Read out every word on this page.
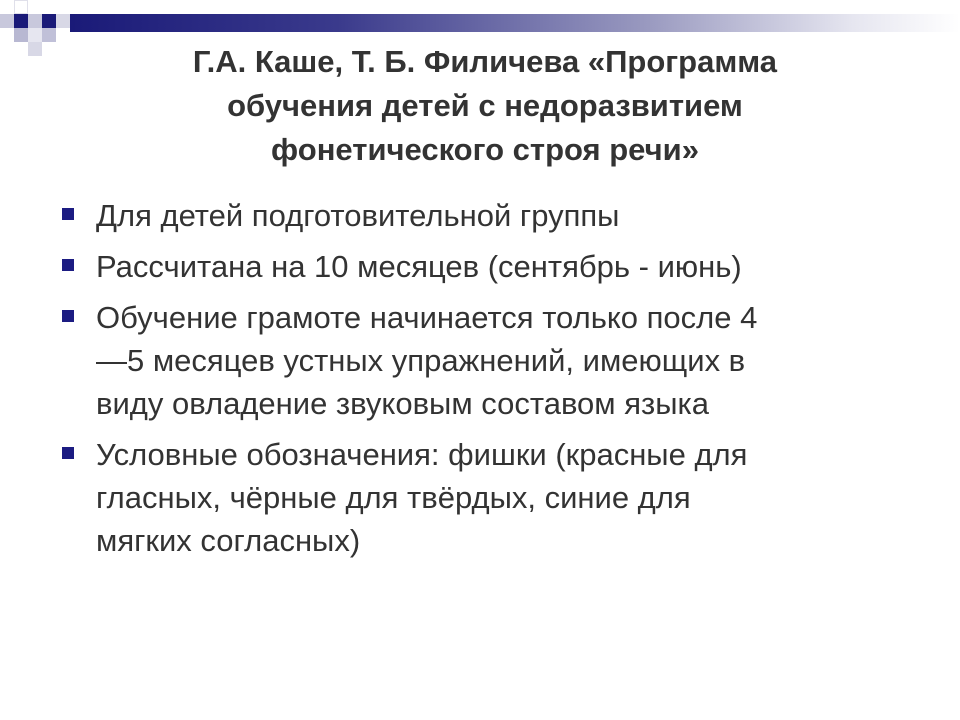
Г.А. Каше, Т. Б. Филичева «Программа
обучения детей с недоразвитием
фонетического строя речи»
Для детей подготовительной группы
Рассчитана на 10 месяцев (сентябрь - июнь)
Обучение грамоте начинается только после 4
—5 месяцев устных упражнений, имеющих в
виду овладение звуковым составом языка
Условные обозначения: фишки (красные для
гласных, чёрные для твёрдых, синие для
мягких согласных)
